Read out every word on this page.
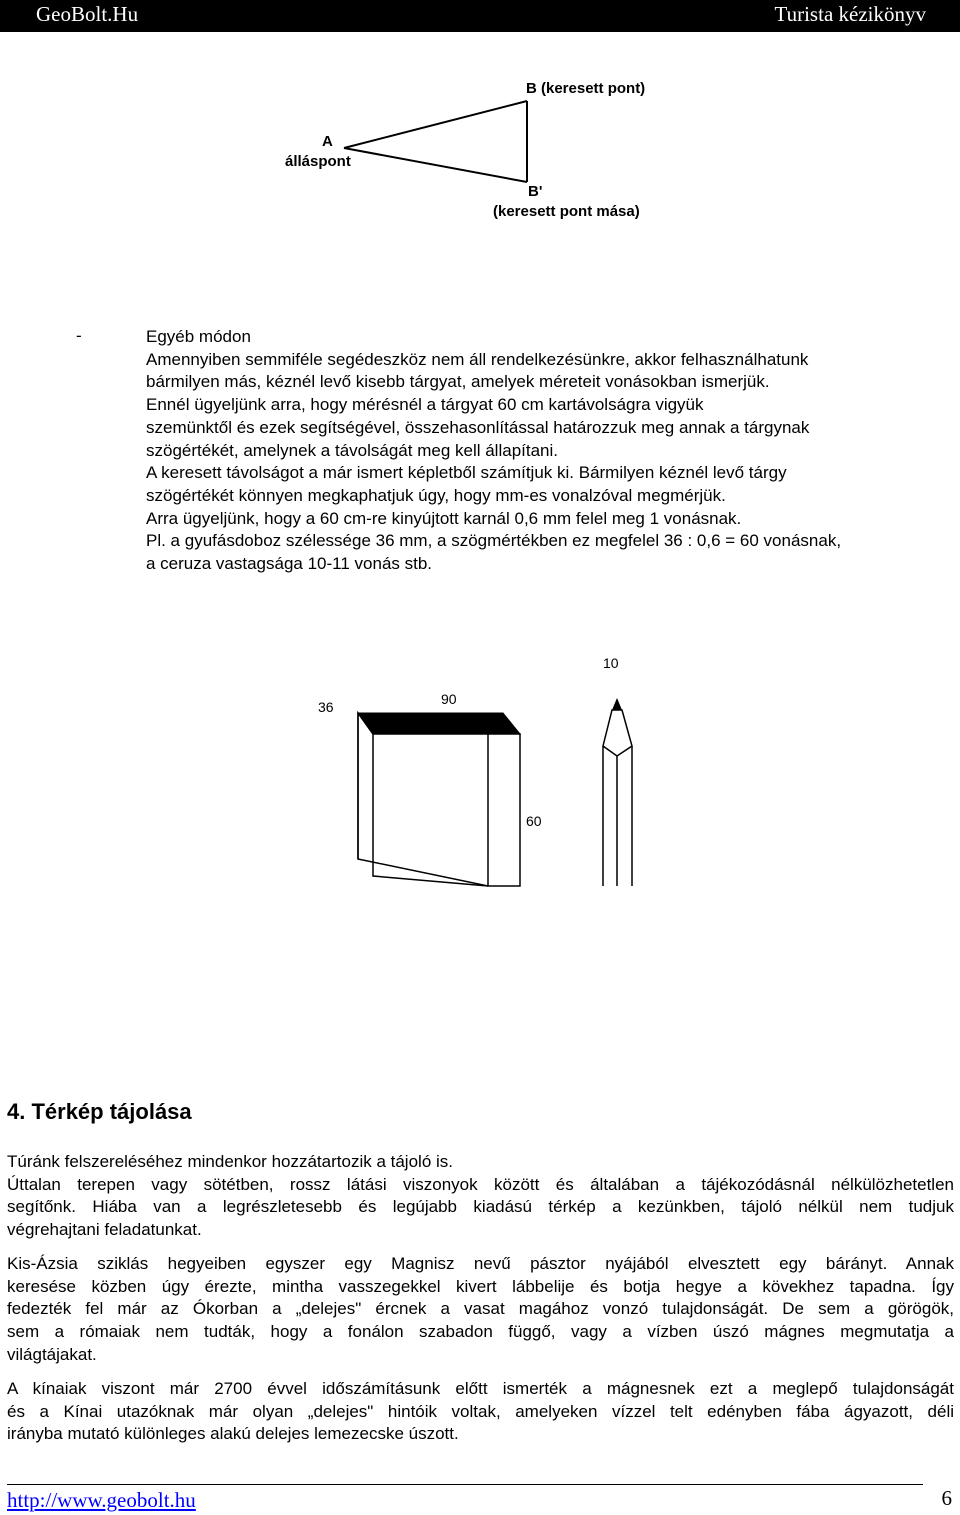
GeoBolt.Hu	Turista kézikönyv
B (keresett pont)
A
álláspont
B'
(keresett pont mása)
-	Egyéb módon
Amennyiben semmiféle segédeszköz nem áll rendelkezésünkre, akkor felhasználhatunk
bármilyen más, kéznél levő kisebb tárgyat, amelyek méreteit vonásokban ismerjük.
Ennél ügyeljünk arra, hogy mérésnél a tárgyat 60 cm kartávolságra vigyük
szemünktől és ezek segítségével, összehasonlítással határozzuk meg annak a tárgynak
szögértékét, amelynek a távolságát meg kell állapítani.
A keresett távolságot a már ismert képletből számítjuk ki. Bármilyen kéznél levő tárgy
szögértékét könnyen megkaphatjuk úgy, hogy mm-es vonalzóval megmérjük.
Arra ügyeljünk, hogy a 60 cm-re kinyújtott karnál 0,6 mm felel meg 1 vonásnak.
Pl. a gyufásdoboz szélessége 36 mm, a szögmértékben ez megfelel 36 : 0,6 = 60 vonásnak,
a ceruza vastagsága 10-11 vonás stb.
36	90
60
10
4. Térkép tájolása
Túránk felszereléséhez mindenkor hozzátartozik a tájoló is.
Úttalan terepen vagy sötétben, rossz látási viszonyok között és általában a tájékozódásnál nélkülözhetetlen
segítőnk. Hiába van a legrészletesebb és legújabb kiadású térkép a kezünkben, tájoló nélkül nem tudjuk
végrehajtani feladatunkat.
Kis-Ázsia sziklás hegyeiben egyszer egy Magnisz nevű pásztor nyájából elvesztett egy bárányt. Annak
keresése közben úgy érezte, mintha vasszegekkel kivert lábbelije és botja hegye a kövekhez tapadna. Így
fedezték fel már az Ókorban a „delejes" ércnek a vasat magához vonzó tulajdonságát. De sem a görögök,
sem a rómaiak nem tudták, hogy a fonálon szabadon függő, vagy a vízben úszó mágnes megmutatja a
világtájakat.
A kínaiak viszont már 2700 évvel időszámításunk előtt ismerték a mágnesnek ezt a meglepő tulajdonságát
és a Kínai utazóknak már olyan „delejes" hintóik voltak, amelyeken vízzel telt edényben fába ágyazott, déli
irányba mutató különleges alakú delejes lemezecske úszott.
http://www.geobolt.hu	6
